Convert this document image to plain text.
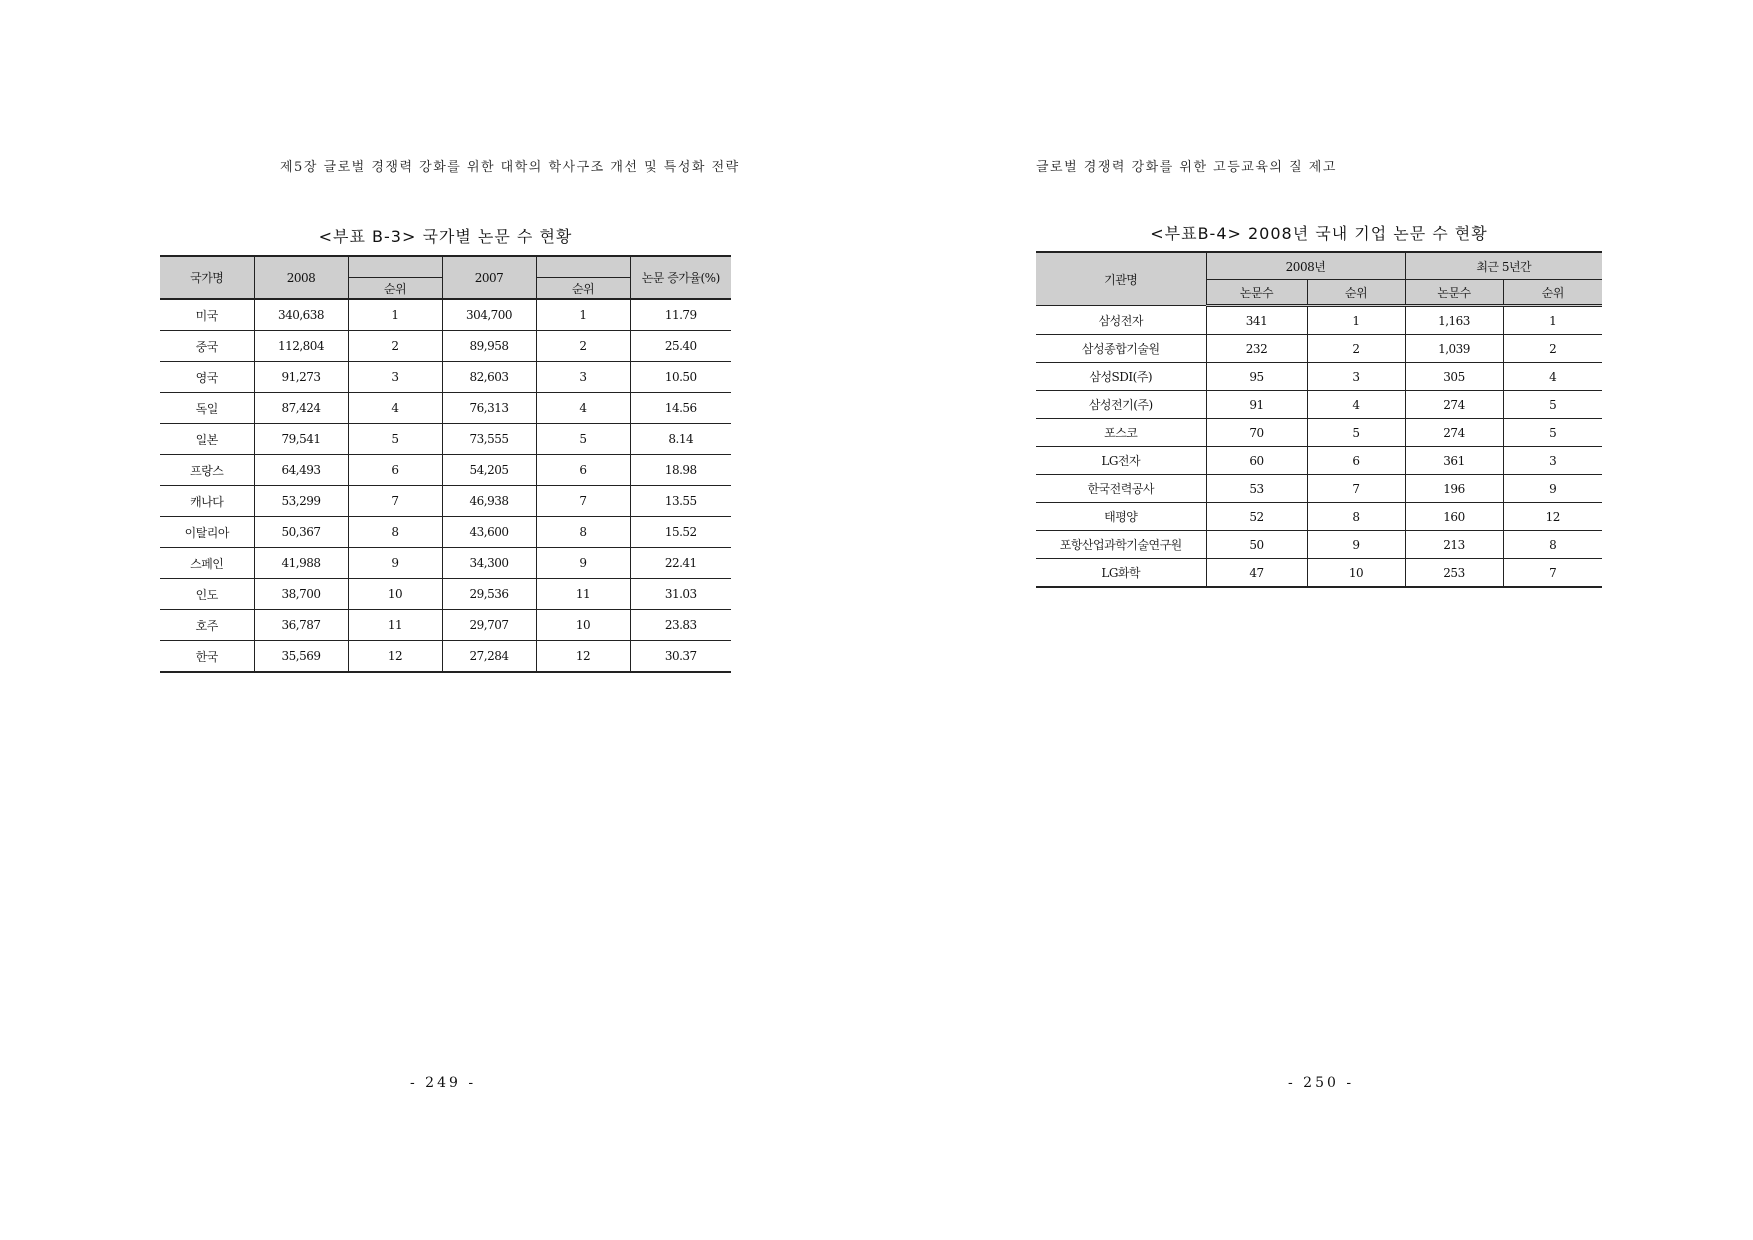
제5장 글로벌 경쟁력 강화를 위한 대학의 학사구조 개선 및 특성화 전략
<부표 B-3> 국가별 논문 수 현황
국가명	2008		2007		논문 증가율(%)
		순위		순위	
미국	340,638	1	304,700	1	11.79
중국	112,804	2	89,958	2	25.40
영국	91,273	3	82,603	3	10.50
독일	87,424	4	76,313	4	14.56
일본	79,541	5	73,555	5	8.14
프랑스	64,493	6	54,205	6	18.98
캐나다	53,299	7	46,938	7	13.55
이탈리아	50,367	8	43,600	8	15.52
스페인	41,988	9	34,300	9	22.41
인도	38,700	10	29,536	11	31.03
호주	36,787	11	29,707	10	23.83
한국	35,569	12	27,284	12	30.37
- 249 -
글로벌 경쟁력 강화를 위한 고등교육의 질 제고
<부표B-4> 2008년 국내 기업 논문 수 현황
기관명	2008년		최근 5년간	
	논문수	순위	논문수	순위
삼성전자	341	1	1,163	1
삼성종합기술원	232	2	1,039	2
삼성SDI(주)	95	3	305	4
삼성전기(주)	91	4	274	5
포스코	70	5	274	5
LG전자	60	6	361	3
한국전력공사	53	7	196	9
태평양	52	8	160	12
포항산업과학기술연구원	50	9	213	8
LG화학	47	10	253	7
- 250 -
